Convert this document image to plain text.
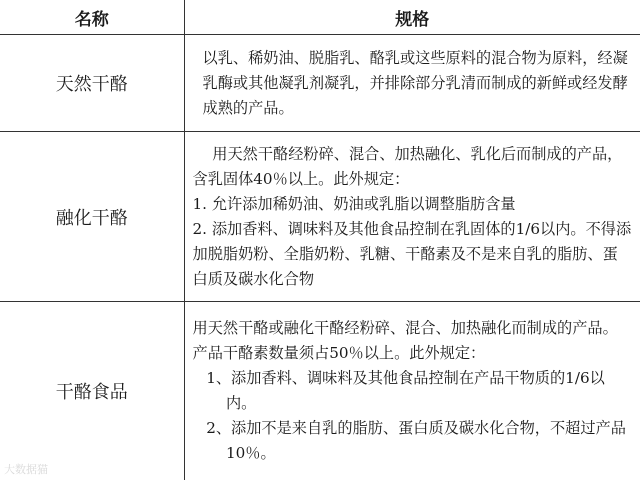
名称	规格
天然干酪	以乳、稀奶油、脱脂乳、酪乳或这些原料的混合物为原料，经凝乳酶或其他凝乳剂凝乳，并排除部分乳清而制成的新鲜或经发酵成熟的产品。

融化干酪	用天然干酪经粉碎、混合、加热融化、乳化后而制成的产品，含乳固体40％以上。此外规定：

1. 允许添加稀奶油、奶油或乳脂以调整脂肪含量

2. 添加香料、调味料及其他食品控制在乳固体的1/6以内。不得添加脱脂奶粉、全脂奶粉、乳糖、干酪素及不是来自乳的脂肪、蛋白质及碳水化合物

干酪食品	用天然干酪或融化干酪经粉碎、混合、加热融化而制成的产品。产品干酪素数量须占50％以上。此外规定：

1、添加香料、调味料及其他食品控制在产品干物质的1/6以内。

2、添加不是来自乳的脂肪、蛋白质及碳水化合物，不超过产品10％。

大数据猫
